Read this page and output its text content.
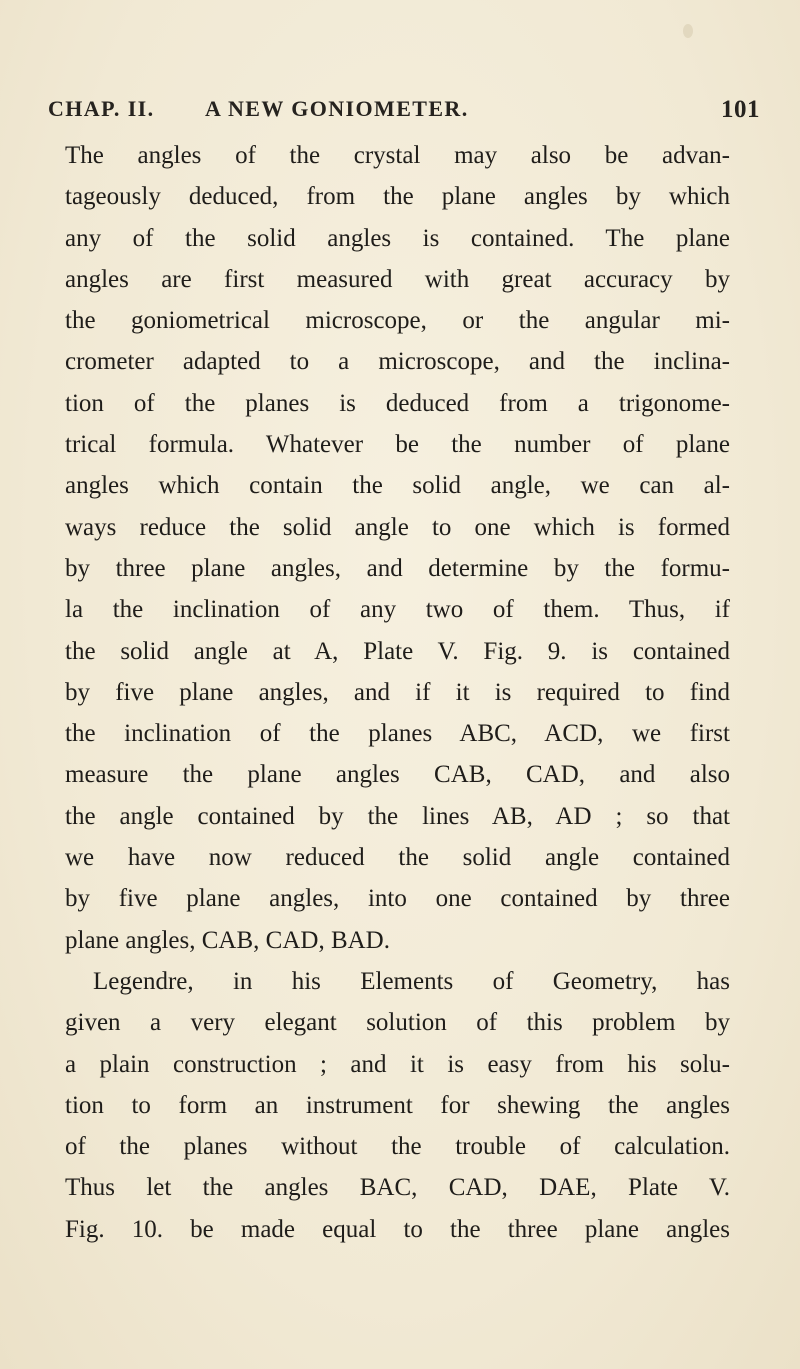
CHAP. II. A NEW GONIOMETER.	101
The angles of the crystal may also be advan-
tageously deduced, from the plane angles by which
any of the solid angles is contained. The plane
angles are first measured with great accuracy by
the goniometrical microscope, or the angular mi-
crometer adapted to a microscope, and the inclina-
tion of the planes is deduced from a trigonome-
trical formula. Whatever be the number of plane
angles which contain the solid angle, we can al-
ways reduce the solid angle to one which is formed
by three plane angles, and determine by the formu-
la the inclination of any two of them. Thus, if
the solid angle at A, Plate V. Fig. 9. is contained
by five plane angles, and if it is required to find
the inclination of the planes ABC, ACD, we first
measure the plane angles CAB, CAD, and also
the angle contained by the lines AB, AD ; so that
we have now reduced the solid angle contained
by five plane angles, into one contained by three
plane angles, CAB, CAD, BAD.
Legendre, in his Elements of Geometry, has
given a very elegant solution of this problem by
a plain construction ; and it is easy from his solu-
tion to form an instrument for shewing the angles
of the planes without the trouble of calculation.
Thus let the angles BAC, CAD, DAE, Plate V.
Fig. 10. be made equal to the three plane angles
